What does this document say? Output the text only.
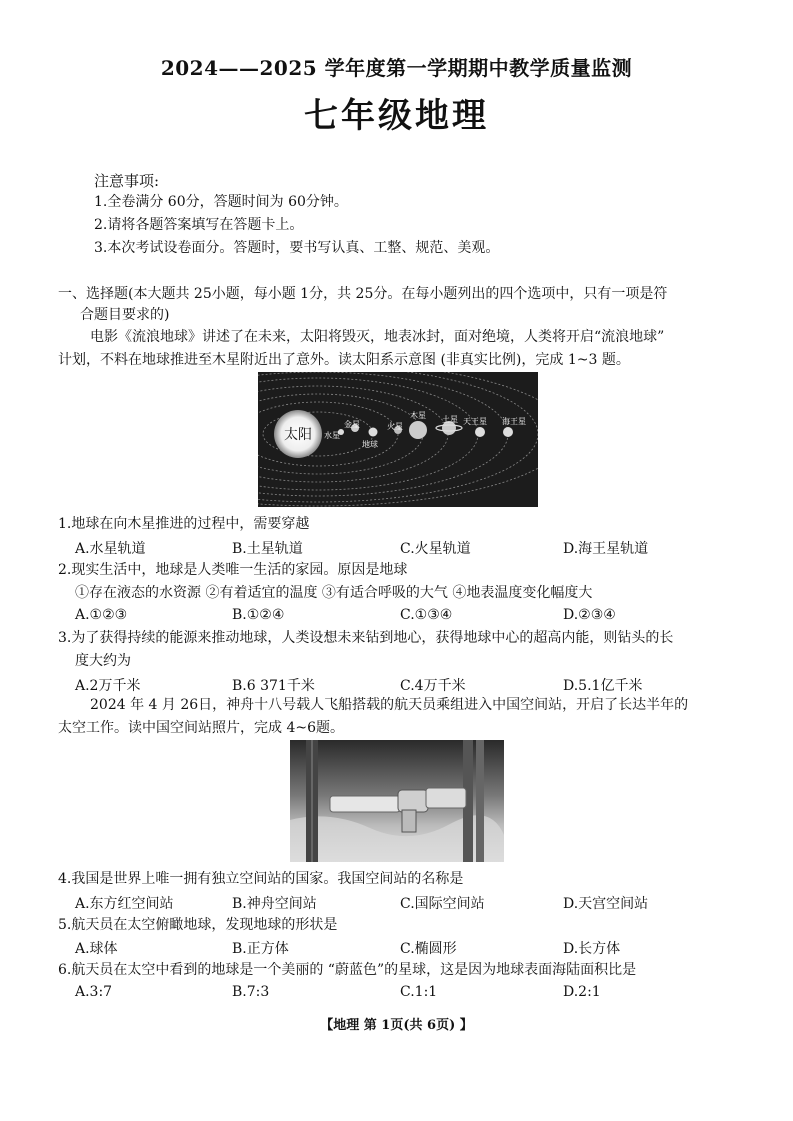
2024——2025 学年度第一学期期中教学质量监测
七年级地理
注意事项:
1.全卷满分 60分，答题时间为 60分钟。
2.请将各题答案填写在答题卡上。
3.本次考试设卷面分。答题时，要书写认真、工整、规范、美观。
一、选择题(本大题共 25小题，每小题 1分，共 25分。在每小题列出的四个选项中，只有一项是符
合题目要求的)
电影《流浪地球》讲述了在未来，太阳将毁灭，地表冰封，面对绝境，人类将开启“流浪地球”
计划，不料在地球推进至木星附近出了意外。读太阳系示意图 (非真实比例)，完成 1~3 题。
太阳 水星
金星
地球
火星
木星 土星 天王星 海王星
1.地球在向木星推进的过程中，需要穿越
A.水星轨道	B.土星轨道	C.火星轨道	D.海王星轨道
2.现实生活中，地球是人类唯一生活的家园。原因是地球
①存在液态的水资源 ②有着适宜的温度 ③有适合呼吸的大气 ④地表温度变化幅度大
A.①②③	B.①②④	C.①③④	D.②③④
3.为了获得持续的能源来推动地球，人类设想未来钻到地心，获得地球中心的超高内能，则钻头的长
度大约为
A.2万千米	B.6 371千米	C.4万千米	D.5.1亿千米
2024 年 4 月 26日，神舟十八号载人飞船搭载的航天员乘组进入中国空间站，开启了长达半年的
太空工作。读中国空间站照片，完成 4~6题。
4.我国是世界上唯一拥有独立空间站的国家。我国空间站的名称是
A.东方红空间站	B.神舟空间站	C.国际空间站	D.天宫空间站
5.航天员在太空俯瞰地球，发现地球的形状是
A.球体	B.正方体	C.椭圆形	D.长方体
6.航天员在太空中看到的地球是一个美丽的 “蔚蓝色”的星球，这是因为地球表面海陆面积比是
A.3:7	B.7:3	C.1:1	D.2:1
【地理 第 1页(共 6页) 】
